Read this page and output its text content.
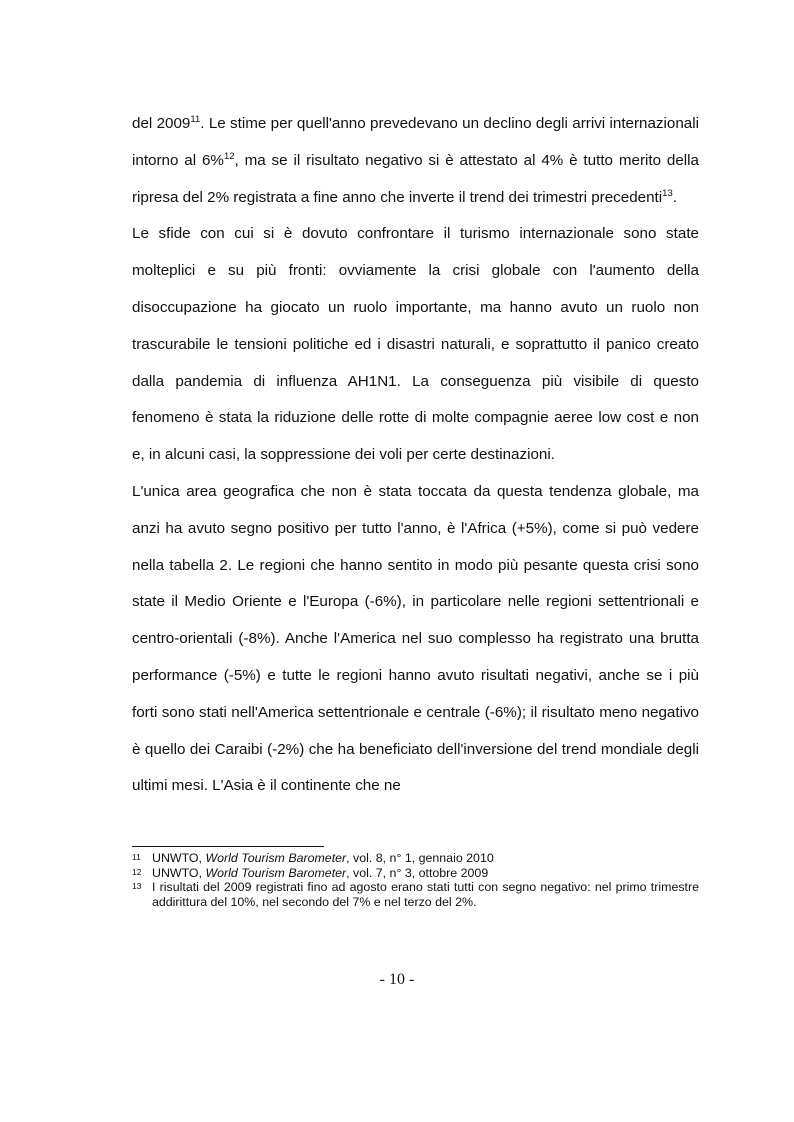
del 2009$^{11}$. Le stime per quell'anno prevedevano un declino degli arrivi internazionali intorno al 6%$^{12}$, ma se il risultato negativo si è attestato al 4% è tutto merito della ripresa del 2% registrata a fine anno che inverte il trend dei trimestri precedenti$^{13}$.

Le sfide con cui si è dovuto confrontare il turismo internazionale sono state molteplici e su più fronti: ovviamente la crisi globale con l'aumento della disoccupazione ha giocato un ruolo importante, ma hanno avuto un ruolo non trascurabile le tensioni politiche ed i disastri naturali, e soprattutto il panico creato dalla pandemia di influenza AH1N1. La conseguenza più visibile di questo fenomeno è stata la riduzione delle rotte di molte compagnie aeree low cost e non e, in alcuni casi, la soppressione dei voli per certe destinazioni.

L'unica area geografica che non è stata toccata da questa tendenza globale, ma anzi ha avuto segno positivo per tutto l'anno, è l'Africa (+5%), come si può vedere nella tabella 2. Le regioni che hanno sentito in modo più pesante questa crisi sono state il Medio Oriente e l'Europa (-6%), in particolare nelle regioni settentrionali e centro-orientali (-8%). Anche l'America nel suo complesso ha registrato una brutta performance (-5%) e tutte le regioni hanno avuto risultati negativi, anche se i più forti sono stati nell'America settentrionale e centrale (-6%); il risultato meno negativo è quello dei Caraibi (-2%) che ha beneficiato dell'inversione del trend mondiale degli ultimi mesi. L'Asia è il continente che ne

11 UNWTO, World Tourism Barometer, vol. 8, n° 1, gennaio 2010
12 UNWTO, World Tourism Barometer, vol. 7, n° 3, ottobre 2009
13 I risultati del 2009 registrati fino ad agosto erano stati tutti con segno negativo: nel primo trimestre addirittura del 10%, nel secondo del 7% e nel terzo del 2%.
- 10 -
